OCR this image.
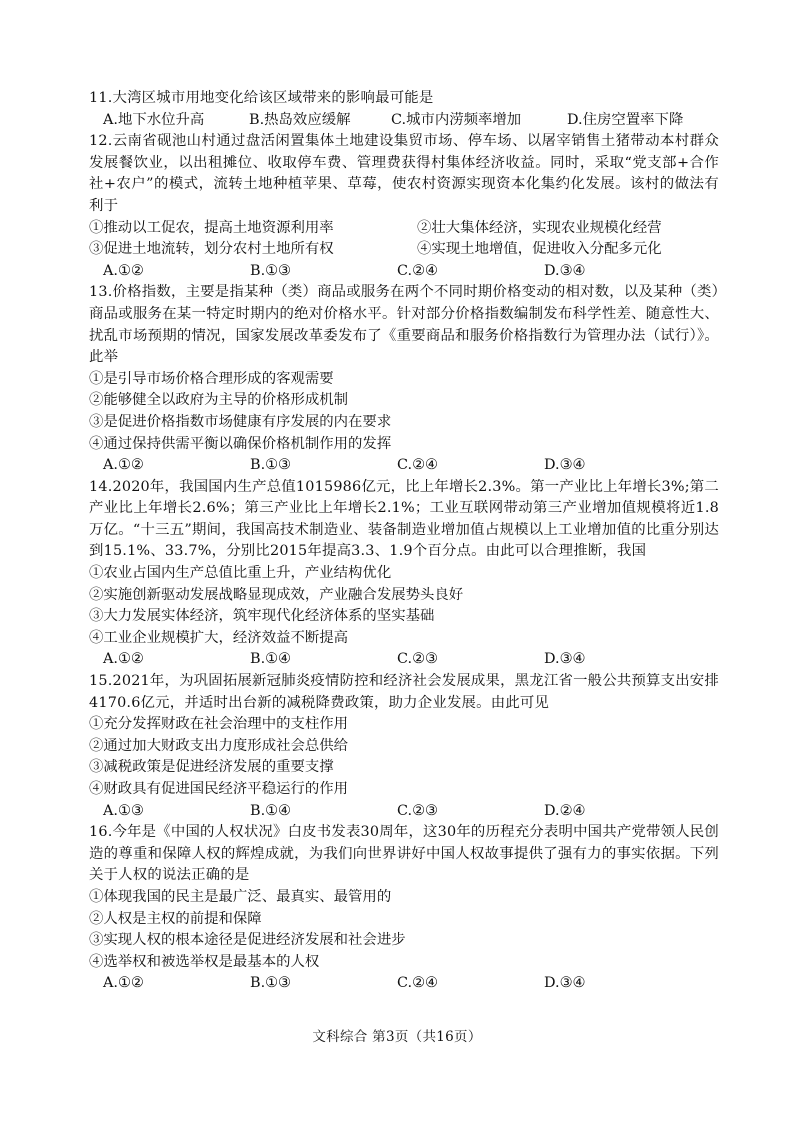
11.大湾区城市用地变化给该区域带来的影响最可能是
A.地下水位升高	B.热岛效应缓解	C.城市内涝频率增加	D.住房空置率下降
12.云南省砚池山村通过盘活闲置集体土地建设集贸市场、停车场、以屠宰销售土猪带动本村群众发展餐饮业，以出租摊位、收取停车费、管理费获得村集体经济收益。同时，采取“党支部+合作社+农户”的模式，流转土地种植苹果、草莓，使农村资源实现资本化集约化发展。该村的做法有利于
①推动以工促农，提高土地资源利用率	②壮大集体经济，实现农业规模化经营
③促进土地流转，划分农村土地所有权	④实现土地增值，促进收入分配多元化
A.①②	B.①③	C.②④	D.③④
13.价格指数，主要是指某种（类）商品或服务在两个不同时期价格变动的相对数，以及某种（类）商品或服务在某一特定时期内的绝对价格水平。针对部分价格指数编制发布科学性差、随意性大、扰乱市场预期的情况，国家发展改革委发布了《重要商品和服务价格指数行为管理办法（试行）》。此举
①是引导市场价格合理形成的客观需要
②能够健全以政府为主导的价格形成机制
③是促进价格指数市场健康有序发展的内在要求
④通过保持供需平衡以确保价格机制作用的发挥
A.①②	B.①③	C.②④	D.③④
14.2020年，我国国内生产总值1015986亿元，比上年增长2.3%。第一产业比上年增长3%;第二产业比上年增长2.6%；第三产业比上年增长2.1%；工业互联网带动第三产业增加值规模将近1.8万亿。“十三五”期间，我国高技术制造业、装备制造业增加值占规模以上工业增加值的比重分别达到15.1%、33.7%，分别比2015年提高3.3、1.9个百分点。由此可以合理推断，我国
①农业占国内生产总值比重上升，产业结构优化
②实施创新驱动发展战略显现成效，产业融合发展势头良好
③大力发展实体经济，筑牢现代化经济体系的坚实基础
④工业企业规模扩大，经济效益不断提高
A.①②	B.①④	C.②③	D.③④
15.2021年，为巩固拓展新冠肺炎疫情防控和经济社会发展成果，黑龙江省一般公共预算支出安排4170.6亿元，并适时出台新的减税降费政策，助力企业发展。由此可见
①充分发挥财政在社会治理中的支柱作用
②通过加大财政支出力度形成社会总供给
③减税政策是促进经济发展的重要支撑
④财政具有促进国民经济平稳运行的作用
A.①③	B.①④	C.②③	D.②④
16.今年是《中国的人权状况》白皮书发表30周年，这30年的历程充分表明中国共产党带领人民创造的尊重和保障人权的辉煌成就，为我们向世界讲好中国人权故事提供了强有力的事实依据。下列关于人权的说法正确的是
①体现我国的民主是最广泛、最真实、最管用的
②人权是主权的前提和保障
③实现人权的根本途径是促进经济发展和社会进步
④选举权和被选举权是最基本的人权
A.①②	B.①③	C.②④	D.③④
文科综合 第3页（共16页）
